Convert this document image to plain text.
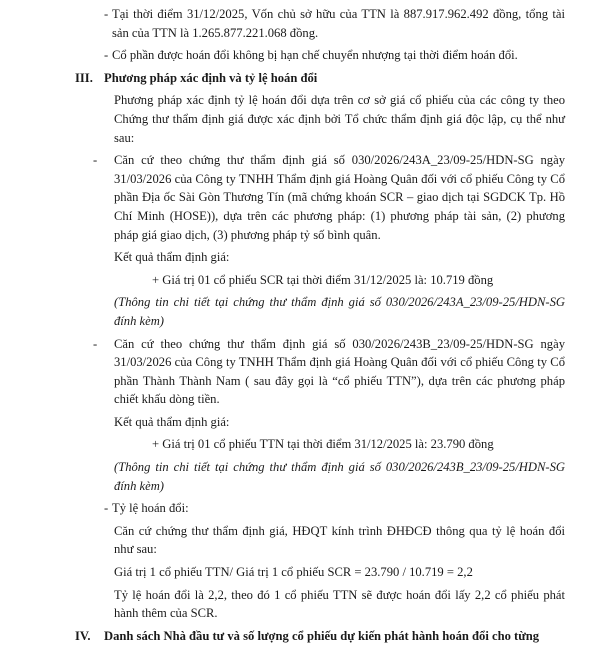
- Tại thời điểm 31/12/2025, Vốn chủ sở hữu của TTN là 887.917.962.492 đồng, tổng tài sản của TTN là 1.265.877.221.068 đồng.

- Cổ phần được hoán đổi không bị hạn chế chuyển nhượng tại thời điểm hoán đổi.

III. Phương pháp xác định và tỷ lệ hoán đổi

Phương pháp xác định tỷ lệ hoán đổi dựa trên cơ sở giá cổ phiếu của các công ty theo Chứng thư thẩm định giá được xác định bởi Tổ chức thẩm định giá độc lập, cụ thể như sau:

- Căn cứ theo chứng thư thẩm định giá số 030/2026/243A_23/09-25/HDN-SG ngày 31/03/2026 của Công ty TNHH Thẩm định giá Hoàng Quân đối với cổ phiếu Công ty Cổ phần Địa ốc Sài Gòn Thương Tín (mã chứng khoán SCR – giao dịch tại SGDCK Tp. Hồ Chí Minh (HOSE)), dựa trên các phương pháp: (1) phương pháp tài sản, (2) phương pháp giá giao dịch, (3) phương pháp tỷ số bình quân.

Kết quả thẩm định giá:

+ Giá trị 01 cổ phiếu SCR tại thời điểm 31/12/2025 là: 10.719 đồng

(Thông tin chi tiết tại chứng thư thẩm định giá số 030/2026/243A_23/09-25/HDN-SG đính kèm)

- Căn cứ theo chứng thư thẩm định giá số 030/2026/243B_23/09-25/HDN-SG ngày 31/03/2026 của Công ty TNHH Thẩm định giá Hoàng Quân đối với cổ phiếu Công ty Cổ phần Thành Thành Nam ( sau đây gọi là “cổ phiếu TTN”), dựa trên các phương pháp chiết khấu dòng tiền.

Kết quả thẩm định giá:

+ Giá trị 01 cổ phiếu TTN tại thời điểm 31/12/2025 là: 23.790 đồng

(Thông tin chi tiết tại chứng thư thẩm định giá số 030/2026/243B_23/09-25/HDN-SG đính kèm)

- Tỷ lệ hoán đổi:

Căn cứ chứng thư thẩm định giá, HĐQT kính trình ĐHĐCĐ thông qua tỷ lệ hoán đổi như sau:

Giá trị 1 cổ phiếu TTN/ Giá trị 1 cổ phiếu SCR = 23.790 / 10.719 = 2,2

Tỷ lệ hoán đổi là 2,2, theo đó 1 cổ phiếu TTN sẽ được hoán đổi lấy 2,2 cổ phiếu phát hành thêm của SCR.

IV. Danh sách Nhà đầu tư và số lượng cổ phiếu dự kiến phát hành hoán đổi cho từng
